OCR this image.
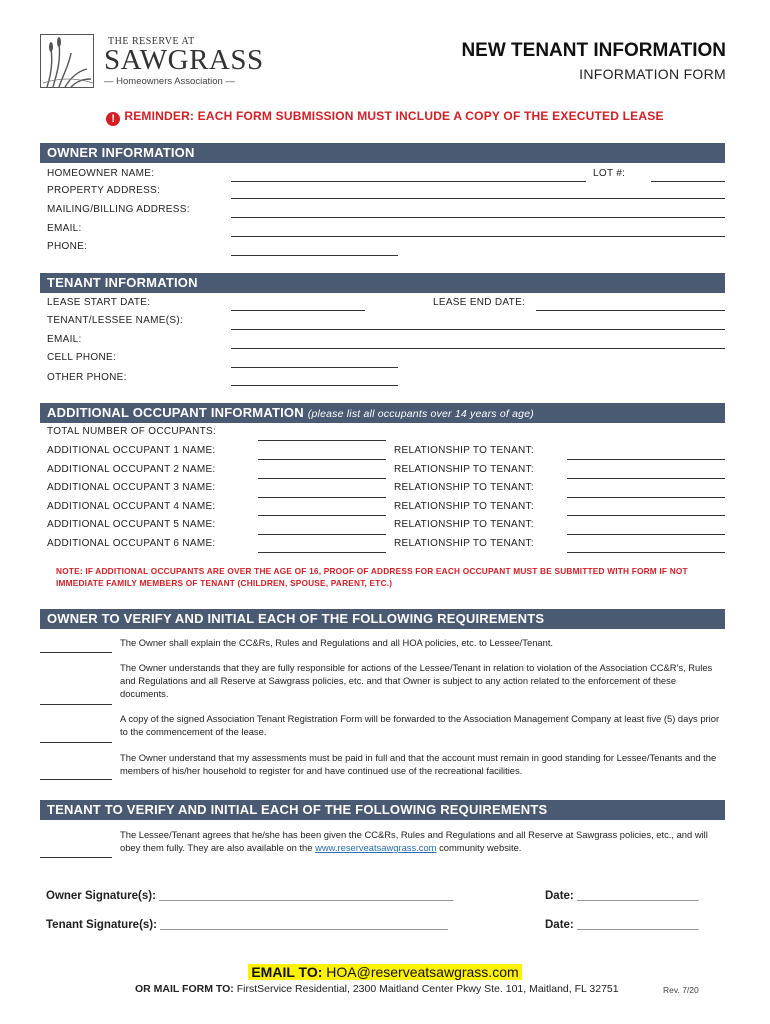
THE RESERVE AT
SAWGRASS
— Homeowners Association —
NEW TENANT INFORMATION
INFORMATION FORM
! REMINDER: EACH FORM SUBMISSION MUST INCLUDE A COPY OF THE EXECUTED LEASE
OWNER INFORMATION
HOMEOWNER NAME:	LOT #:
PROPERTY ADDRESS:
MAILING/BILLING ADDRESS:
EMAIL:
PHONE:
TENANT INFORMATION
LEASE START DATE:	LEASE END DATE:
TENANT/LESSEE NAME(S):
EMAIL:
CELL PHONE:
OTHER PHONE:
ADDITIONAL OCCUPANT INFORMATION (please list all occupants over 14 years of age)
TOTAL NUMBER OF OCCUPANTS:
ADDITIONAL OCCUPANT 1 NAME:	RELATIONSHIP TO TENANT:
ADDITIONAL OCCUPANT 2 NAME:	RELATIONSHIP TO TENANT:
ADDITIONAL OCCUPANT 3 NAME:	RELATIONSHIP TO TENANT:
ADDITIONAL OCCUPANT 4 NAME:	RELATIONSHIP TO TENANT:
ADDITIONAL OCCUPANT 5 NAME:	RELATIONSHIP TO TENANT:
ADDITIONAL OCCUPANT 6 NAME:	RELATIONSHIP TO TENANT:
NOTE: IF ADDITIONAL OCCUPANTS ARE OVER THE AGE OF 16, PROOF OF ADDRESS FOR EACH OCCUPANT MUST BE SUBMITTED WITH FORM IF NOT IMMEDIATE FAMILY MEMBERS OF TENANT (CHILDREN, SPOUSE, PARENT, ETC.)
OWNER TO VERIFY AND INITIAL EACH OF THE FOLLOWING REQUIREMENTS
The Owner shall explain the CC&Rs, Rules and Regulations and all HOA policies, etc. to Lessee/Tenant.
The Owner understands that they are fully responsible for actions of the Lessee/Tenant in relation to violation of the Association CC&R's, Rules and Regulations and all Reserve at Sawgrass policies, etc. and that Owner is subject to any action related to the enforcement of these documents.
A copy of the signed Association Tenant Registration Form will be forwarded to the Association Management Company at least five (5) days prior to the commencement of the lease.
The Owner understand that my assessments must be paid in full and that the account must remain in good standing for Lessee/Tenants and the members of his/her household to register for and have continued use of the recreational facilities.
TENANT TO VERIFY AND INITIAL EACH OF THE FOLLOWING REQUIREMENTS
The Lessee/Tenant agrees that he/she has been given the CC&Rs, Rules and Regulations and all Reserve at Sawgrass policies, etc., and will obey them fully. They are also available on the www.reserveatsawgrass.com community website.
Owner Signature(s): ______________________________________________	Date: ___________________
Tenant Signature(s): _____________________________________________	Date: ___________________
EMAIL TO: HOA@reserveatsawgrass.com
OR MAIL FORM TO: FirstService Residential, 2300 Maitland Center Pkwy Ste. 101, Maitland, FL 32751	Rev. 7/20
